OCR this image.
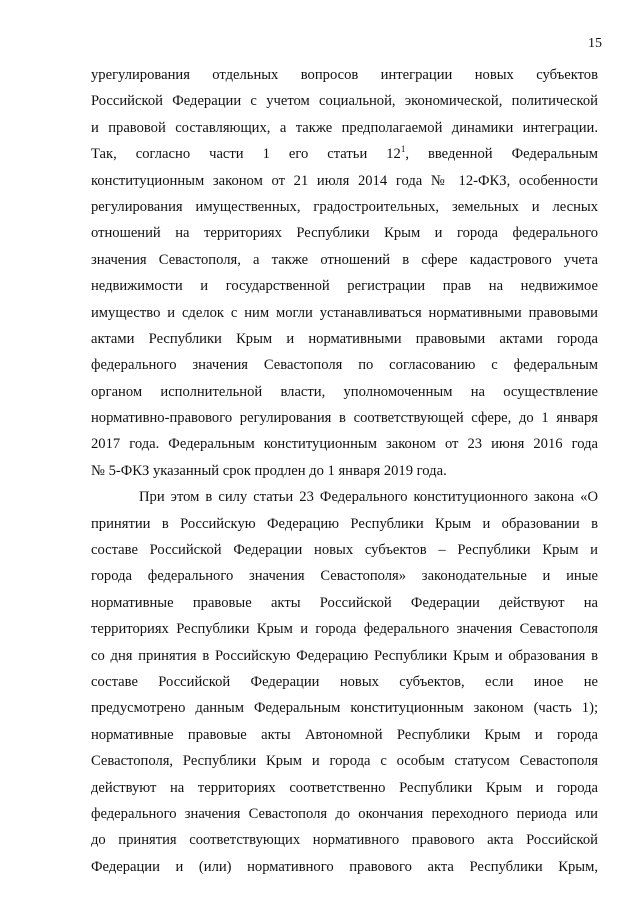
15
урегулирования отдельных вопросов интеграции новых субъектов
Российской Федерации с учетом социальной, экономической, политической
и правовой составляющих, а также предполагаемой динамики интеграции.
Так, согласно части 1 его статьи $12^1$, введенной Федеральным
конституционным законом от 21 июля 2014 года № 12-ФКЗ, особенности
регулирования имущественных, градостроительных, земельных и лесных
отношений на территориях Республики Крым и города федерального
значения Севастополя, а также отношений в сфере кадастрового учета
недвижимости и государственной регистрации прав на недвижимое
имущество и сделок с ним могли устанавливаться нормативными правовыми
актами Республики Крым и нормативными правовыми актами города
федерального значения Севастополя по согласованию с федеральным
органом исполнительной власти, уполномоченным на осуществление
нормативно-правового регулирования в соответствующей сфере, до 1 января
2017 года. Федеральным конституционным законом от 23 июня 2016 года
№ 5-ФКЗ указанный срок продлен до 1 января 2019 года.
При этом в силу статьи 23 Федерального конституционного закона «О
принятии в Российскую Федерацию Республики Крым и образовании в
составе Российской Федерации новых субъектов – Республики Крым и
города федерального значения Севастополя» законодательные и иные
нормативные правовые акты Российской Федерации действуют на
территориях Республики Крым и города федерального значения Севастополя
со дня принятия в Российскую Федерацию Республики Крым и образования в
составе Российской Федерации новых субъектов, если иное не
предусмотрено данным Федеральным конституционным законом (часть 1);
нормативные правовые акты Автономной Республики Крым и города
Севастополя, Республики Крым и города с особым статусом Севастополя
действуют на территориях соответственно Республики Крым и города
федерального значения Севастополя до окончания переходного периода или
до принятия соответствующих нормативного правового акта Российской
Федерации и (или) нормативного правового акта Республики Крым,
